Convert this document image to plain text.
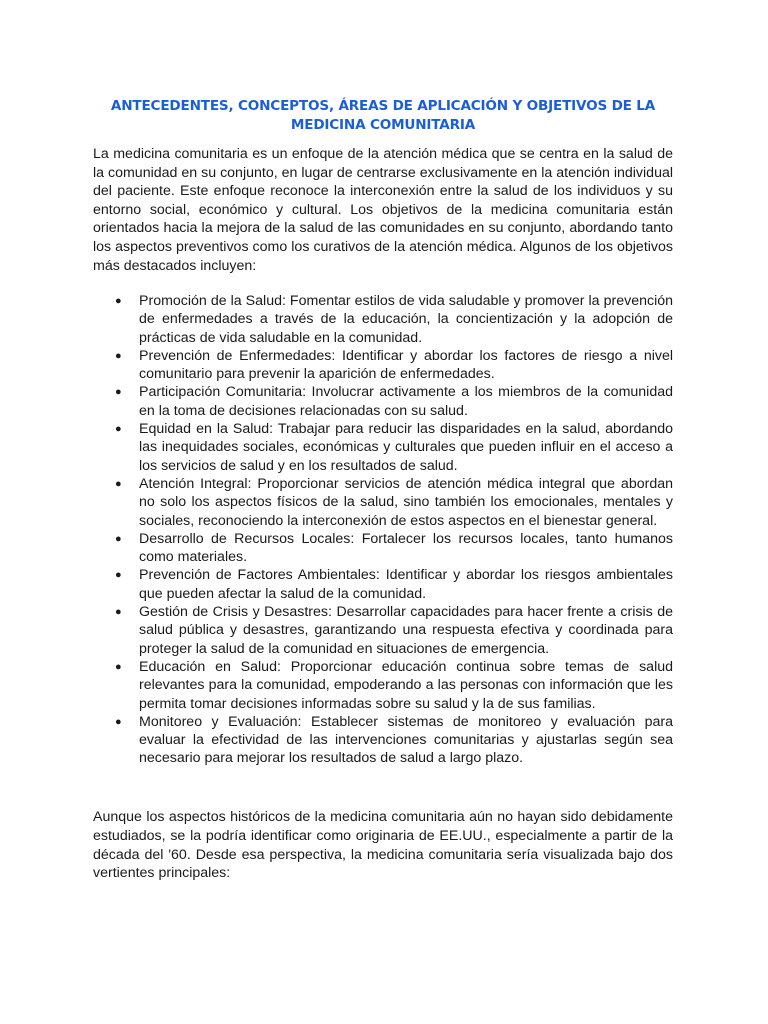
ANTECEDENTES, CONCEPTOS, ÁREAS DE APLICACIÓN Y OBJETIVOS DE LA MEDICINA COMUNITARIA

La medicina comunitaria es un enfoque de la atención médica que se centra en la salud de la comunidad en su conjunto, en lugar de centrarse exclusivamente en la atención individual del paciente. Este enfoque reconoce la interconexión entre la salud de los individuos y su entorno social, económico y cultural. Los objetivos de la medicina comunitaria están orientados hacia la mejora de la salud de las comunidades en su conjunto, abordando tanto los aspectos preventivos como los curativos de la atención médica. Algunos de los objetivos más destacados incluyen:

● Promoción de la Salud: Fomentar estilos de vida saludable y promover la prevención de enfermedades a través de la educación, la concientización y la adopción de prácticas de vida saludable en la comunidad.
● Prevención de Enfermedades: Identificar y abordar los factores de riesgo a nivel comunitario para prevenir la aparición de enfermedades.
● Participación Comunitaria: Involucrar activamente a los miembros de la comunidad en la toma de decisiones relacionadas con su salud.
● Equidad en la Salud: Trabajar para reducir las disparidades en la salud, abordando las inequidades sociales, económicas y culturales que pueden influir en el acceso a los servicios de salud y en los resultados de salud.
● Atención Integral: Proporcionar servicios de atención médica integral que abordan no solo los aspectos físicos de la salud, sino también los emocionales, mentales y sociales, reconociendo la interconexión de estos aspectos en el bienestar general.
● Desarrollo de Recursos Locales: Fortalecer los recursos locales, tanto humanos como materiales.
● Prevención de Factores Ambientales: Identificar y abordar los riesgos ambientales que pueden afectar la salud de la comunidad.
● Gestión de Crisis y Desastres: Desarrollar capacidades para hacer frente a crisis de salud pública y desastres, garantizando una respuesta efectiva y coordinada para proteger la salud de la comunidad en situaciones de emergencia.
● Educación en Salud: Proporcionar educación continua sobre temas de salud relevantes para la comunidad, empoderando a las personas con información que les permita tomar decisiones informadas sobre su salud y la de sus familias.
● Monitoreo y Evaluación: Establecer sistemas de monitoreo y evaluación para evaluar la efectividad de las intervenciones comunitarias y ajustarlas según sea necesario para mejorar los resultados de salud a largo plazo.

Aunque los aspectos históricos de la medicina comunitaria aún no hayan sido debidamente estudiados, se la podría identificar como originaria de EE.UU., especialmente a partir de la década del '60. Desde esa perspectiva, la medicina comunitaria sería visualizada bajo dos vertientes principales:
